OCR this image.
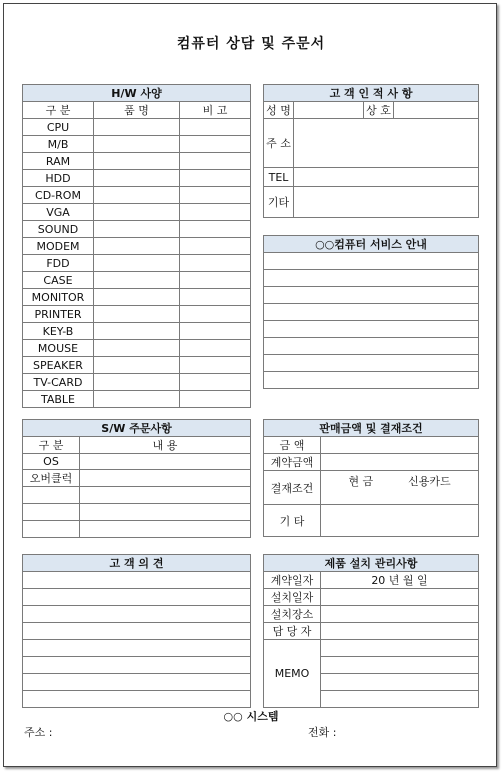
컴퓨터 상담 및 주문서
H/W 사양		
구 분	품 명	비 고
CPU		
M/B		
RAM		
HDD		
CD-ROM		
VGA		
SOUND		
MODEM		
FDD		
CASE		
MONITOR		
PRINTER		
KEY-B		
MOUSE		
SPEAKER		
TV-CARD		
TABLE		
고 객 인 적 사 항			
성 명		상 호	
주 소			
TEL			
기타			
○○컴퓨터 서비스 안내

S/W 주문사항	
구 분	내 용
OS	
오버클럭	

판매금액 및 결재조건	
금 액	
계약금액	
결재조건	현 금 신용카드

기 타	
고 객 의 견	제품 설치 관리사항	
계약일자	20 년 월 일
설치일자	
설치장소	
담 당 자	
MEMO	

○○ 시스템
주소 :	전화 :
